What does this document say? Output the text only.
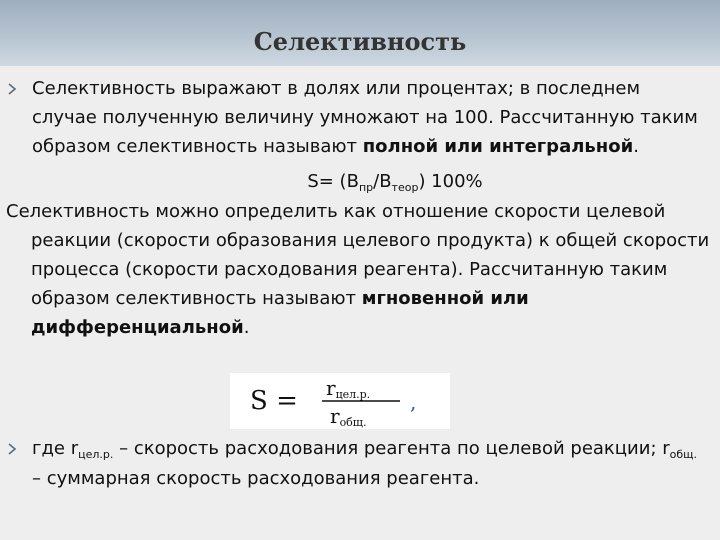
Селективность
Селективность выражают в долях или процентах; в последнем случае полученную величину умножают на 100. Рассчитанную таким образом селективность называют полной или интегральной.
$S= (В_{пр}/В_{теор})$ 100%
Селективность можно определить как отношение скорости целевой реакции (скорости образования целевого продукта) к общей скорости процесса (скорости расходования реагента). Рассчитанную таким образом селективность называют мгновенной или дифференциальной.
S = rцел.р.
rобщ.
,
где $r_{цел.р.}$ – скорость расходования реагента по целевой реакции; $r_{общ.}$ – суммарная скорость расходования реагента.
